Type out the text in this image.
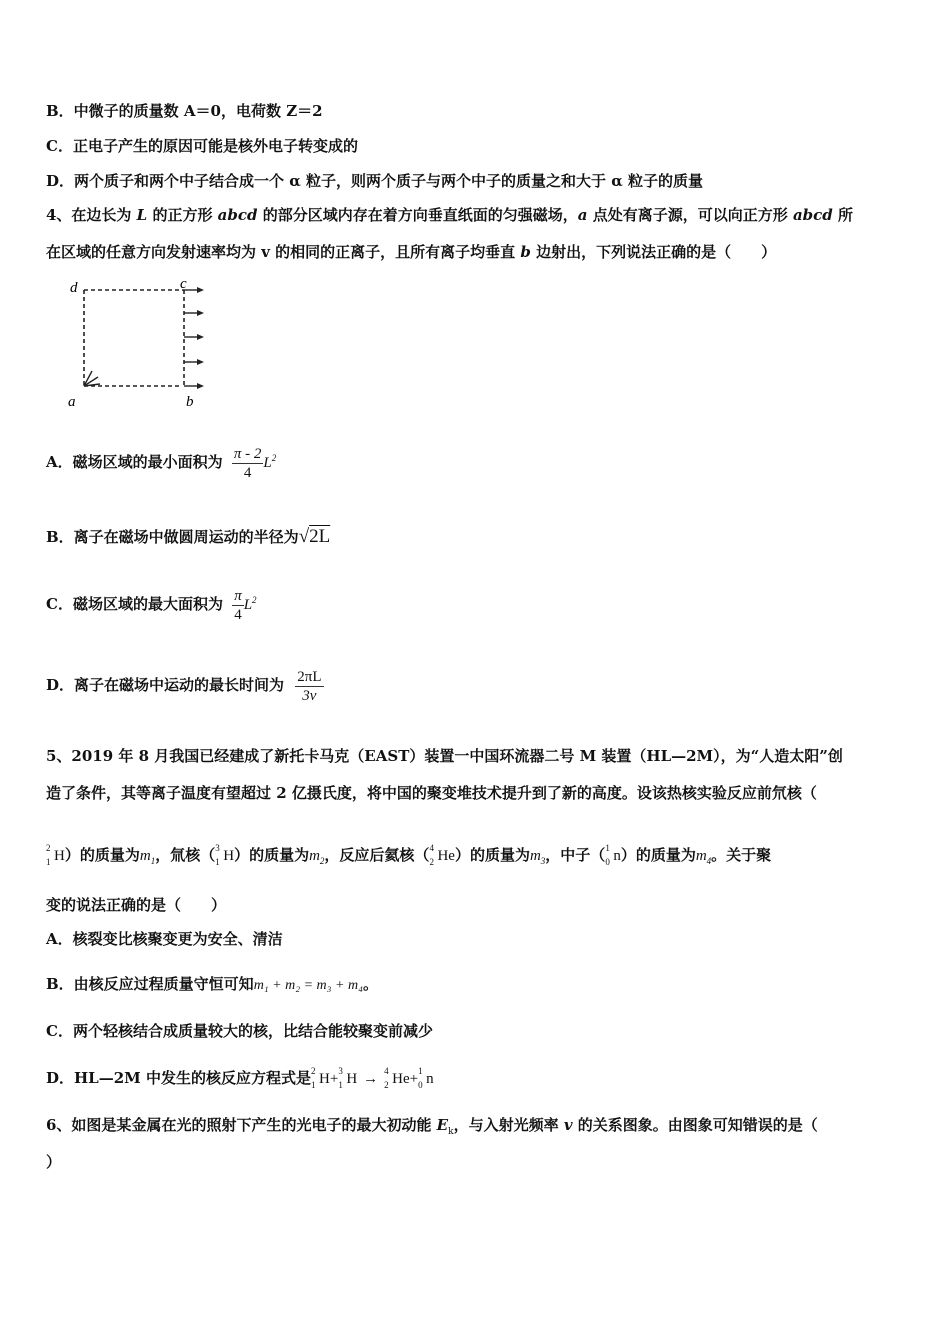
B．中微子的质量数 A＝0，电荷数 Z＝2
C．正电子产生的原因可能是核外电子转变成的
D．两个质子和两个中子结合成一个 α 粒子，则两个质子与两个中子的质量之和大于 α 粒子的质量
4、在边长为 L 的正方形 abcd 的部分区域内存在着方向垂直纸面的匀强磁场，a 点处有离子源，可以向正方形 abcd 所
在区域的任意方向发射速率均为 v 的相同的正离子，且所有离子均垂直 b 边射出，下列说法正确的是（　　）
d	c
a	b
A．磁场区域的最小面积为 $\frac{\pi - 2}{4} L^2$
B．离子在磁场中做圆周运动的半径为√2L
C．磁场区域的最大面积为 $\frac{\pi}{4} L^2$
D．离子在磁场中运动的最长时间为 $\frac{2\pi L}{3v}$
5、2019 年 8 月我国已经建成了新托卡马克（EAST）装置一中国环流器二号 M 装置（HL—2M），为“人造太阳”创
造了条件，其等离子温度有望超过 2 亿摄氏度，将中国的聚变堆技术提升到了新的高度。设该热核实验反应前氘核（
2
1 H）的质量为$m_1$，氚核（ 3
1 H）的质量为$m_2$，反应后氦核（ 4
2 He）的质量为$m_3$，中子（ 1
0 n）的质量为$m_4$。关于聚
变的说法正确的是（　　）
A．核裂变比核聚变更为安全、清洁
B．由核反应过程质量守恒可知m₁ + m₂ = m₃ + m₄。
C．两个轻核结合成质量较大的核，比结合能较聚变前减少
D．HL—2M 中发生的核反应方程式是 2
1 H+ 3
1 H → 4
2 He+ 1
0 n
6、如图是某金属在光的照射下产生的光电子的最大初动能 $E_k$，与入射光频率 v 的关系图象。由图象可知错误的是（
）
